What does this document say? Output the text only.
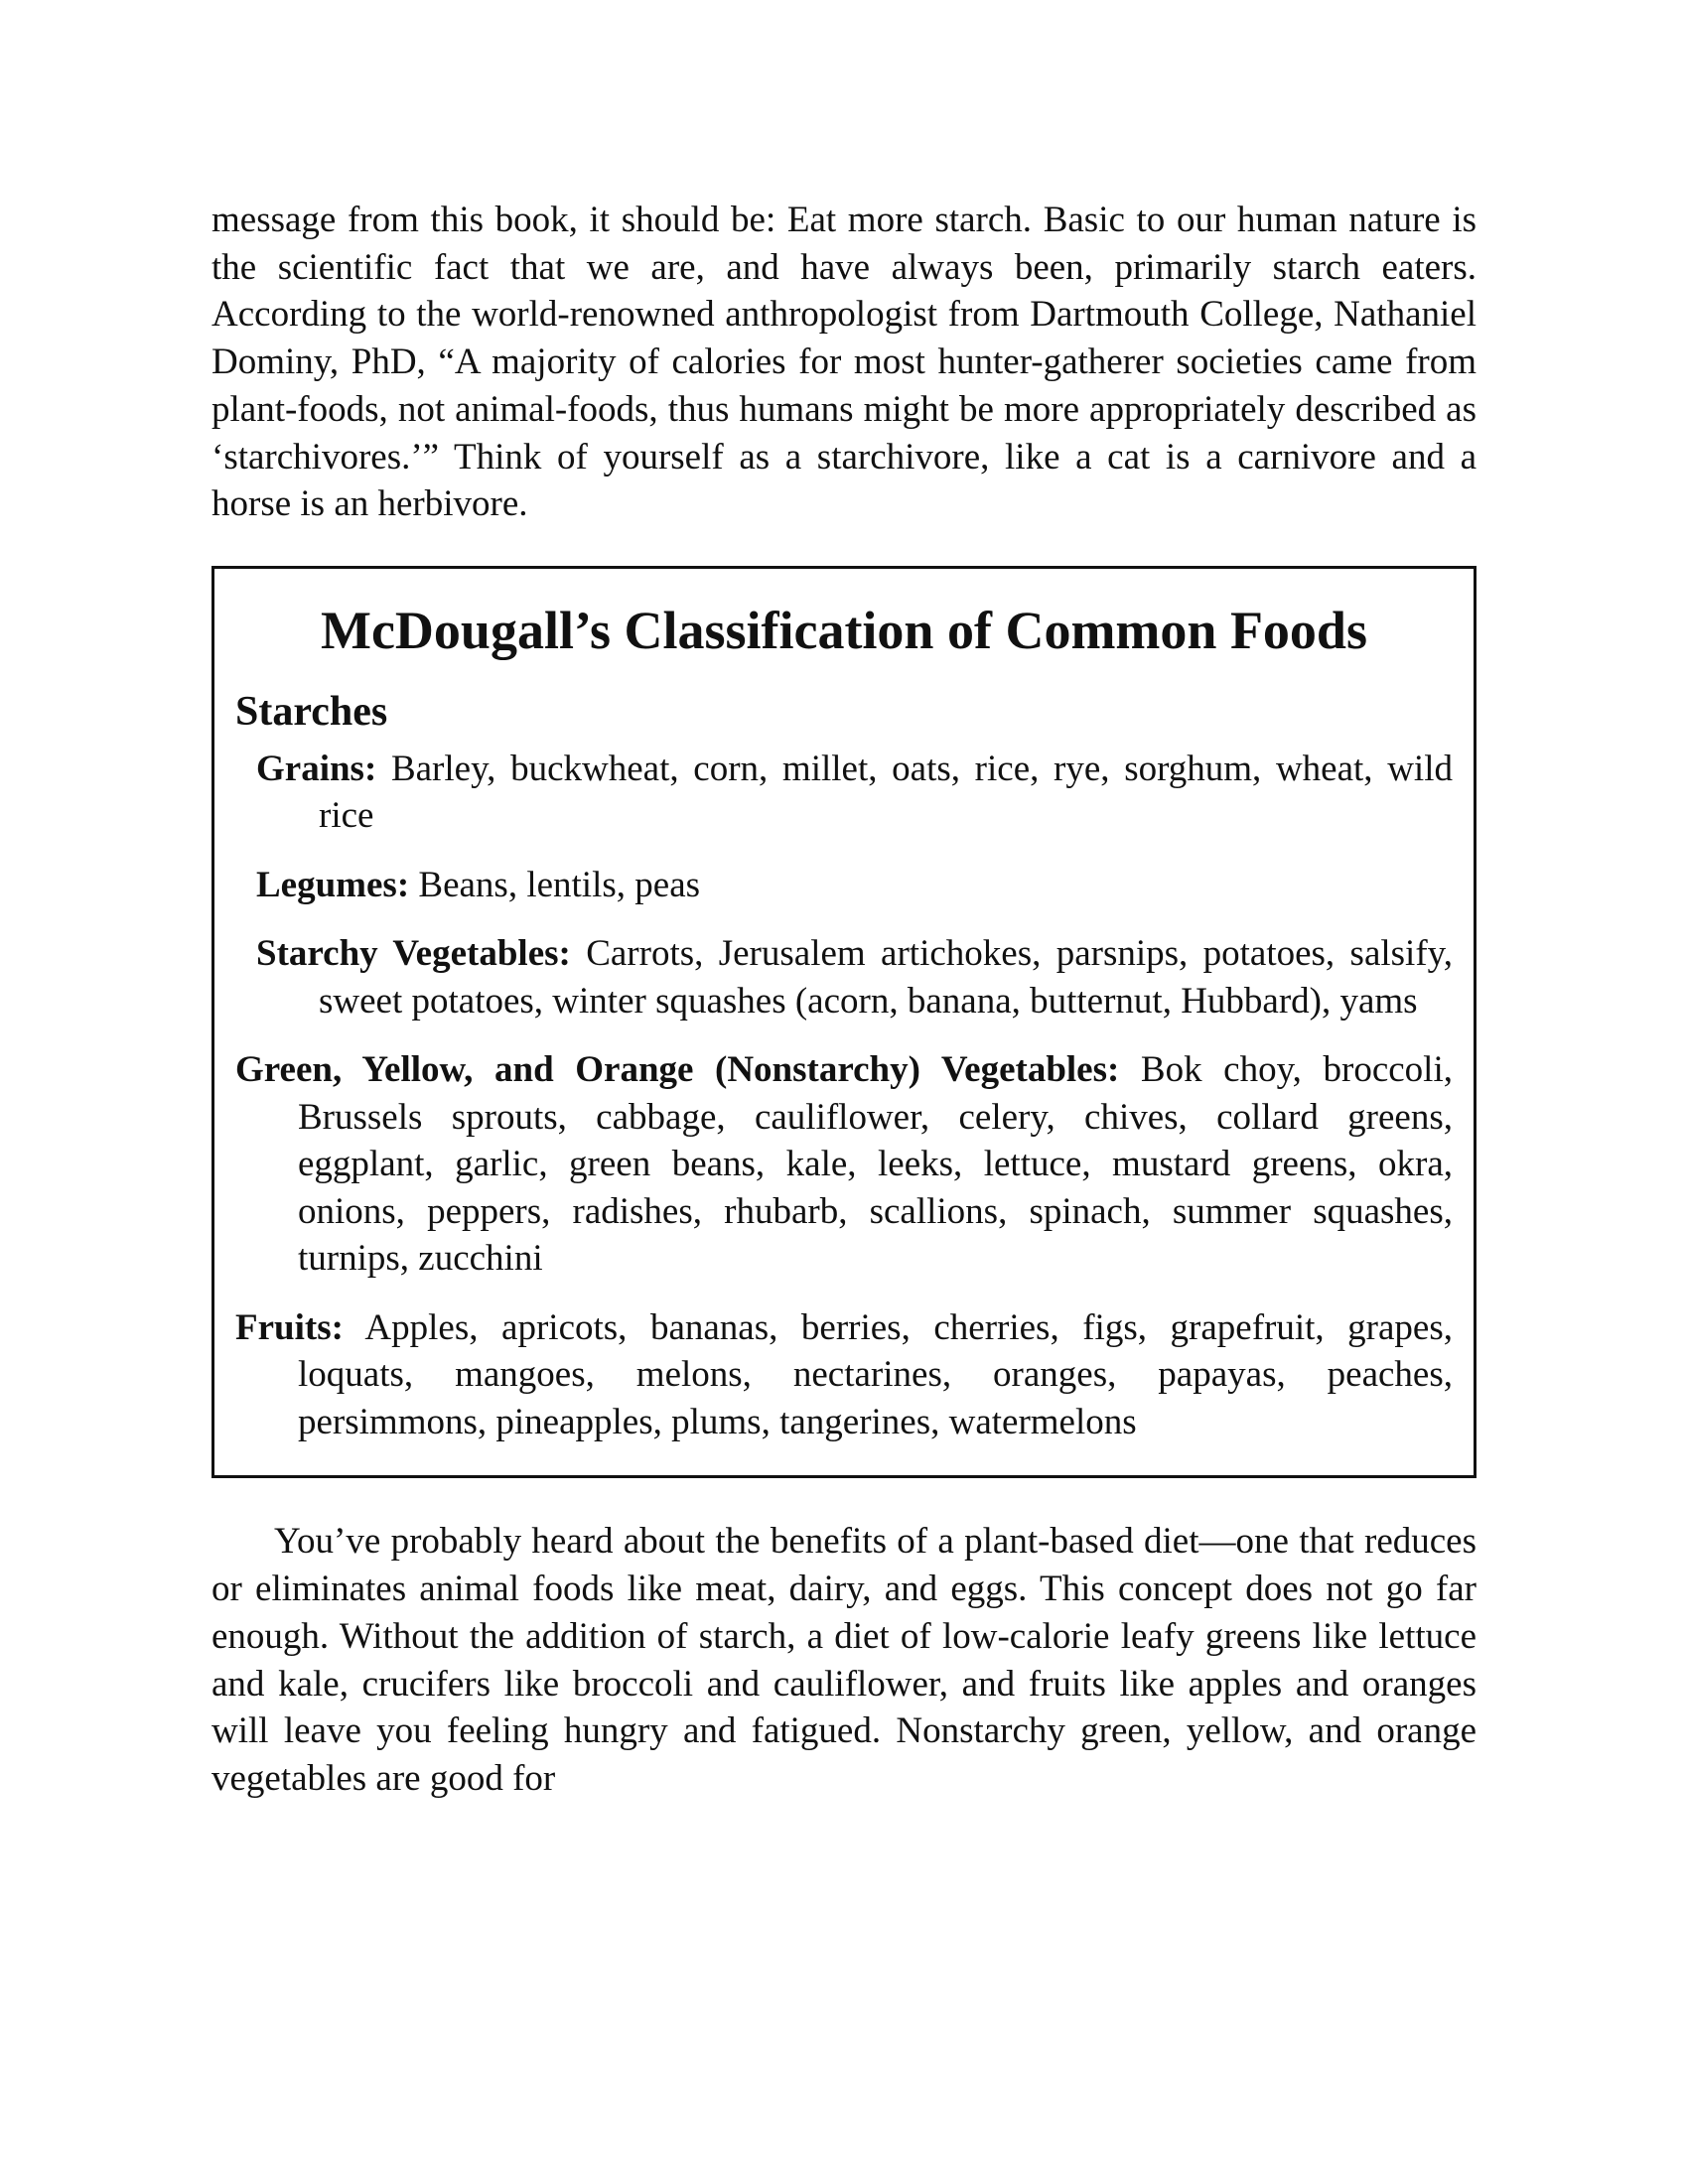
message from this book, it should be: Eat more starch. Basic to our human nature is the scientific fact that we are, and have always been, primarily starch eaters. According to the world-renowned anthropologist from Dartmouth College, Nathaniel Dominy, PhD, “A majority of calories for most hunter-gatherer societies came from plant-foods, not animal-foods, thus humans might be more appropriately described as ‘starchivores.’” Think of yourself as a starchivore, like a cat is a carnivore and a horse is an herbivore.

McDougall’s Classification of Common Foods
Starches

Grains: Barley, buckwheat, corn, millet, oats, rice, rye, sorghum, wheat, wild rice

Legumes: Beans, lentils, peas

Starchy Vegetables: Carrots, Jerusalem artichokes, parsnips, potatoes, salsify, sweet potatoes, winter squashes (acorn, banana, butternut, Hubbard), yams

Green, Yellow, and Orange (Nonstarchy) Vegetables: Bok choy, broccoli, Brussels sprouts, cabbage, cauliflower, celery, chives, collard greens, eggplant, garlic, green beans, kale, leeks, lettuce, mustard greens, okra, onions, peppers, radishes, rhubarb, scallions, spinach, summer squashes, turnips, zucchini

Fruits: Apples, apricots, bananas, berries, cherries, figs, grapefruit, grapes, loquats, mangoes, melons, nectarines, oranges, papayas, peaches, persimmons, pineapples, plums, tangerines, watermelons

You’ve probably heard about the benefits of a plant-based diet—one that reduces or eliminates animal foods like meat, dairy, and eggs. This concept does not go far enough. Without the addition of starch, a diet of low-calorie leafy greens like lettuce and kale, crucifers like broccoli and cauliflower, and fruits like apples and oranges will leave you feeling hungry and fatigued. Nonstarchy green, yellow, and orange vegetables are good for
